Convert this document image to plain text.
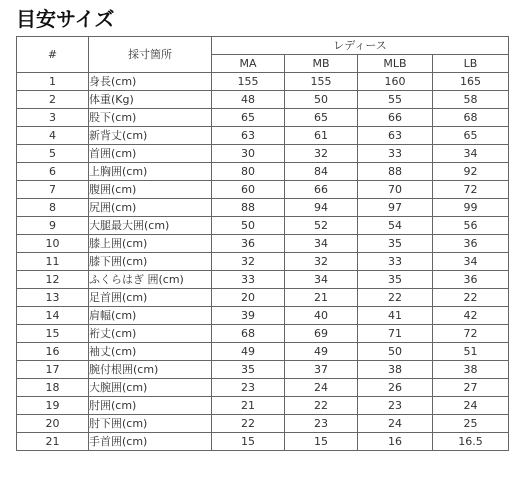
目安サイズ
#	採寸箇所	レディース			
		MA	MB	MLB	LB
1	身長(cm)	155	155	160	165
2	体重(Kg)	48	50	55	58
3	股下(cm)	65	65	66	68
4	新背丈(cm)	63	61	63	65
5	首囲(cm)	30	32	33	34
6	上胸囲(cm)	80	84	88	92
7	腹囲(cm)	60	66	70	72
8	尻囲(cm)	88	94	97	99
9	大腿最大囲(cm)	50	52	54	56
10	膝上囲(cm)	36	34	35	36
11	膝下囲(cm)	32	32	33	34
12	ふくらはぎ 囲(cm)	33	34	35	36
13	足首囲(cm)	20	21	22	22
14	肩幅(cm)	39	40	41	42
15	裄丈(cm)	68	69	71	72
16	袖丈(cm)	49	49	50	51
17	腕付根囲(cm)	35	37	38	38
18	大腕囲(cm)	23	24	26	27
19	肘囲(cm)	21	22	23	24
20	肘下囲(cm)	22	23	24	25
21	手首囲(cm)	15	15	16	16.5
